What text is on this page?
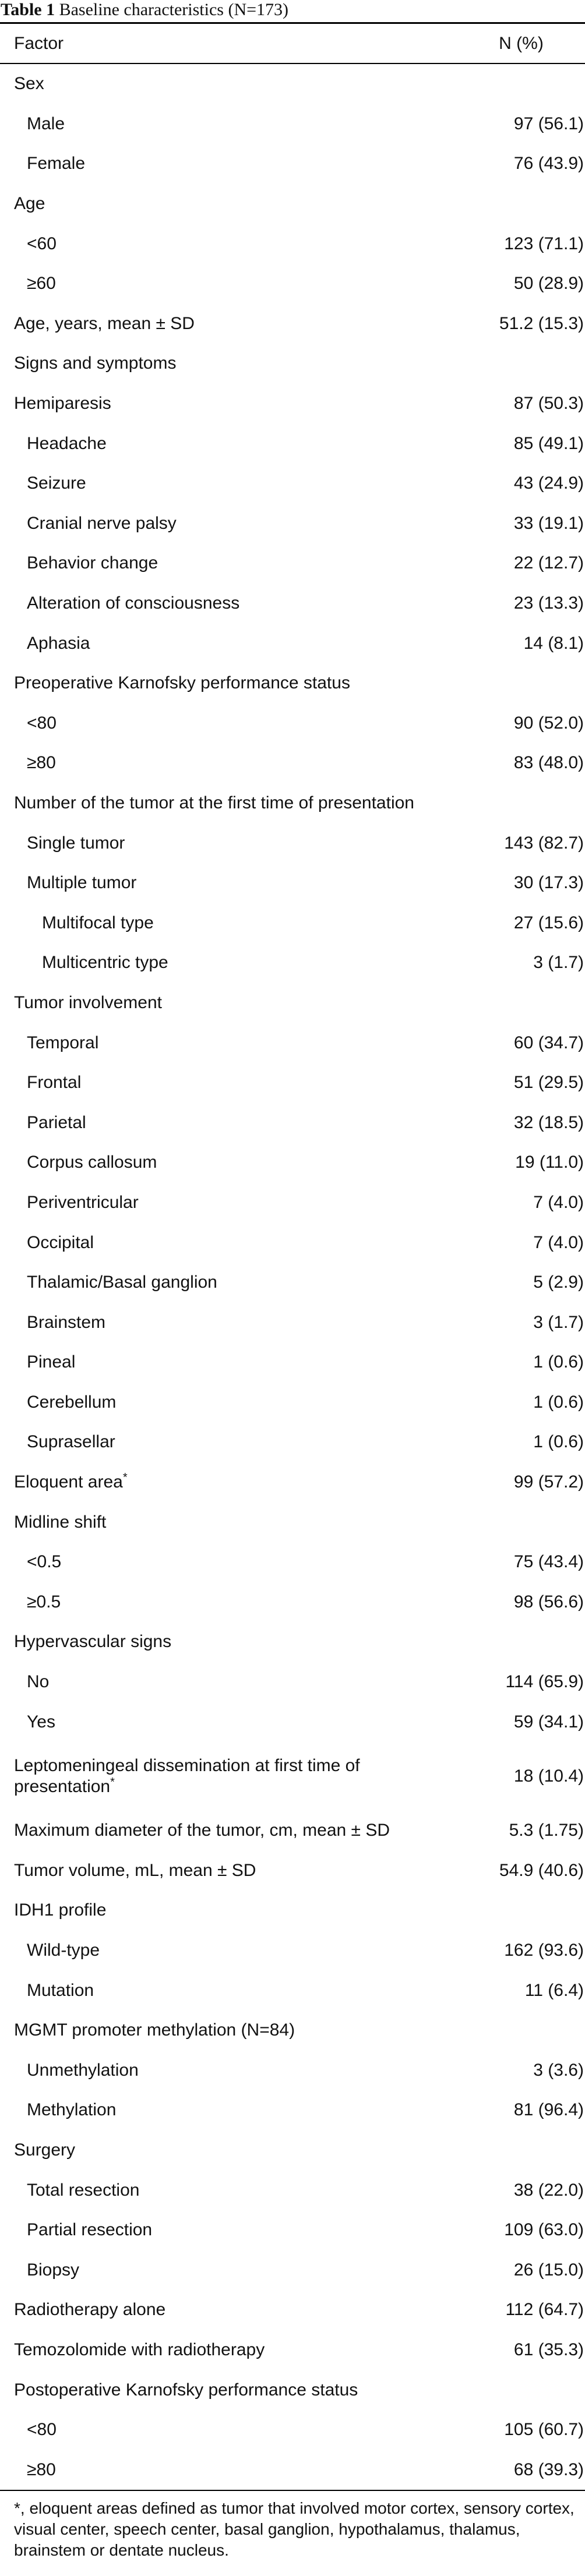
Table 1 Baseline characteristics (N=173)
Factor	N (%)
Sex	
Male	97 (56.1)
Female	76 (43.9)
Age	
<60	123 (71.1)
≥60	50 (28.9)
Age, years, mean ± SD	51.2 (15.3)
Signs and symptoms	
Hemiparesis	87 (50.3)
Headache	85 (49.1)
Seizure	43 (24.9)
Cranial nerve palsy	33 (19.1)
Behavior change	22 (12.7)
Alteration of consciousness	23 (13.3)
Aphasia	14 (8.1)
Preoperative Karnofsky performance status	
<80	90 (52.0)
≥80	83 (48.0)
Number of the tumor at the first time of presentation	
Single tumor	143 (82.7)
Multiple tumor	30 (17.3)
Multifocal type	27 (15.6)
Multicentric type	3 (1.7)
Tumor involvement	
Temporal	60 (34.7)
Frontal	51 (29.5)
Parietal	32 (18.5)
Corpus callosum	19 (11.0)
Periventricular	7 (4.0)
Occipital	7 (4.0)
Thalamic/Basal ganglion	5 (2.9)
Brainstem	3 (1.7)
Pineal	1 (0.6)
Cerebellum	1 (0.6)
Suprasellar	1 (0.6)
Eloquent area*	99 (57.2)
Midline shift	
<0.5	75 (43.4)
≥0.5	98 (56.6)
Hypervascular signs	
No	114 (65.9)
Yes	59 (34.1)
Leptomeningeal dissemination at first time of presentation*	18 (10.4)
Maximum diameter of the tumor, cm, mean ± SD	5.3 (1.75)
Tumor volume, mL, mean ± SD	54.9 (40.6)
IDH1 profile	
Wild-type	162 (93.6)
Mutation	11 (6.4)
MGMT promoter methylation (N=84)	
Unmethylation	3 (3.6)
Methylation	81 (96.4)
Surgery	
Total resection	38 (22.0)
Partial resection	109 (63.0)
Biopsy	26 (15.0)
Radiotherapy alone	112 (64.7)
Temozolomide with radiotherapy	61 (35.3)
Postoperative Karnofsky performance status	
<80	105 (60.7)
≥80	68 (39.3)
*, eloquent areas defined as tumor that involved motor cortex, sensory cortex, visual center, speech center, basal ganglion, hypothalamus, thalamus, brainstem or dentate nucleus.
